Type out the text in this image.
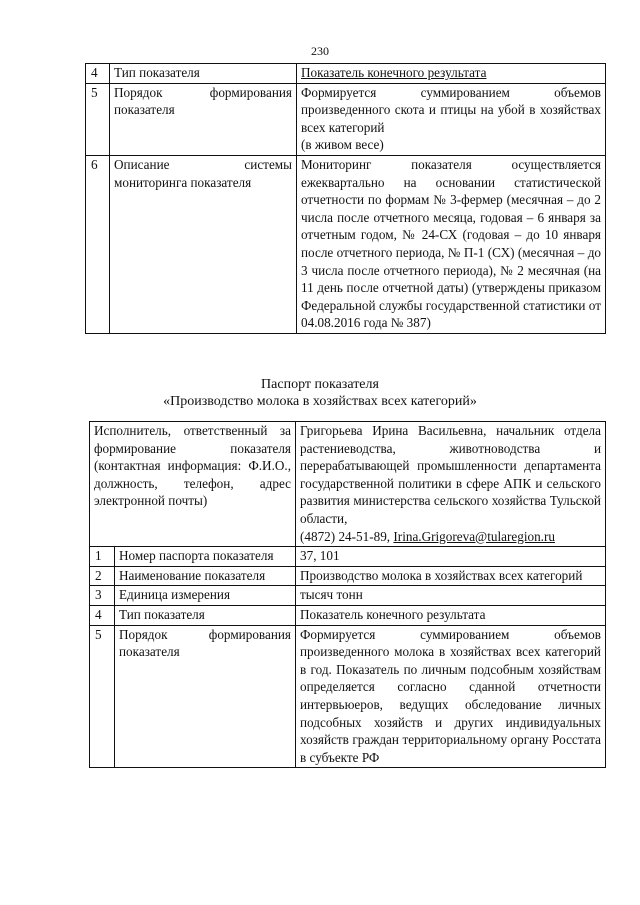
230
4	Тип показателя	Показатель конечного результата
5	Порядок формирования показателя	Формируется суммированием объемов произведенного скота и птицы на убой в хозяйствах всех категорий
(в живом весе)

6	Описание системы мониторинга показателя	Мониторинг показателя осуществляется ежеквартально на основании статистической отчетности по формам № 3-фермер (месячная – до 2 числа после отчетного месяца, годовая – 6 января за отчетным годом, № 24-СХ (годовая – до 10 января после отчетного периода, № П-1 (СХ) (месячная – до 3 числа после отчетного периода), № 2 месячная (на 11 день после отчетной даты) (утверждены приказом Федеральной службы государственной статистики от 04.08.2016 года № 387)
Паспорт показателя
«Производство молока в хозяйствах всех категорий»
Исполнитель, ответственный за формирование показателя (контактная информация: Ф.И.О., должность, телефон, адрес электронной почты)		Григорьева Ирина Васильевна, начальник отдела растениеводства, животноводства и перерабатывающей промышленности департамента государственной политики в сфере АПК и сельского развития министерства сельского хозяйства Тульской области,
(4872) 24-51-89, Irina.Grigoreva@tularegion.ru
1	Номер паспорта показателя	37, 101
2	Наименование показателя	Производство молока в хозяйствах всех категорий
3	Единица измерения	тысяч тонн
4	Тип показателя	Показатель конечного результата
5	Порядок формирования показателя	Формируется суммированием объемов произведенного молока в хозяйствах всех категорий в год. Показатель по личным подсобным хозяйствам определяется согласно сданной отчетности интервьюеров, ведущих обследование личных подсобных хозяйств и других индивидуальных хозяйств граждан территориальному органу Росстата в субъекте РФ
